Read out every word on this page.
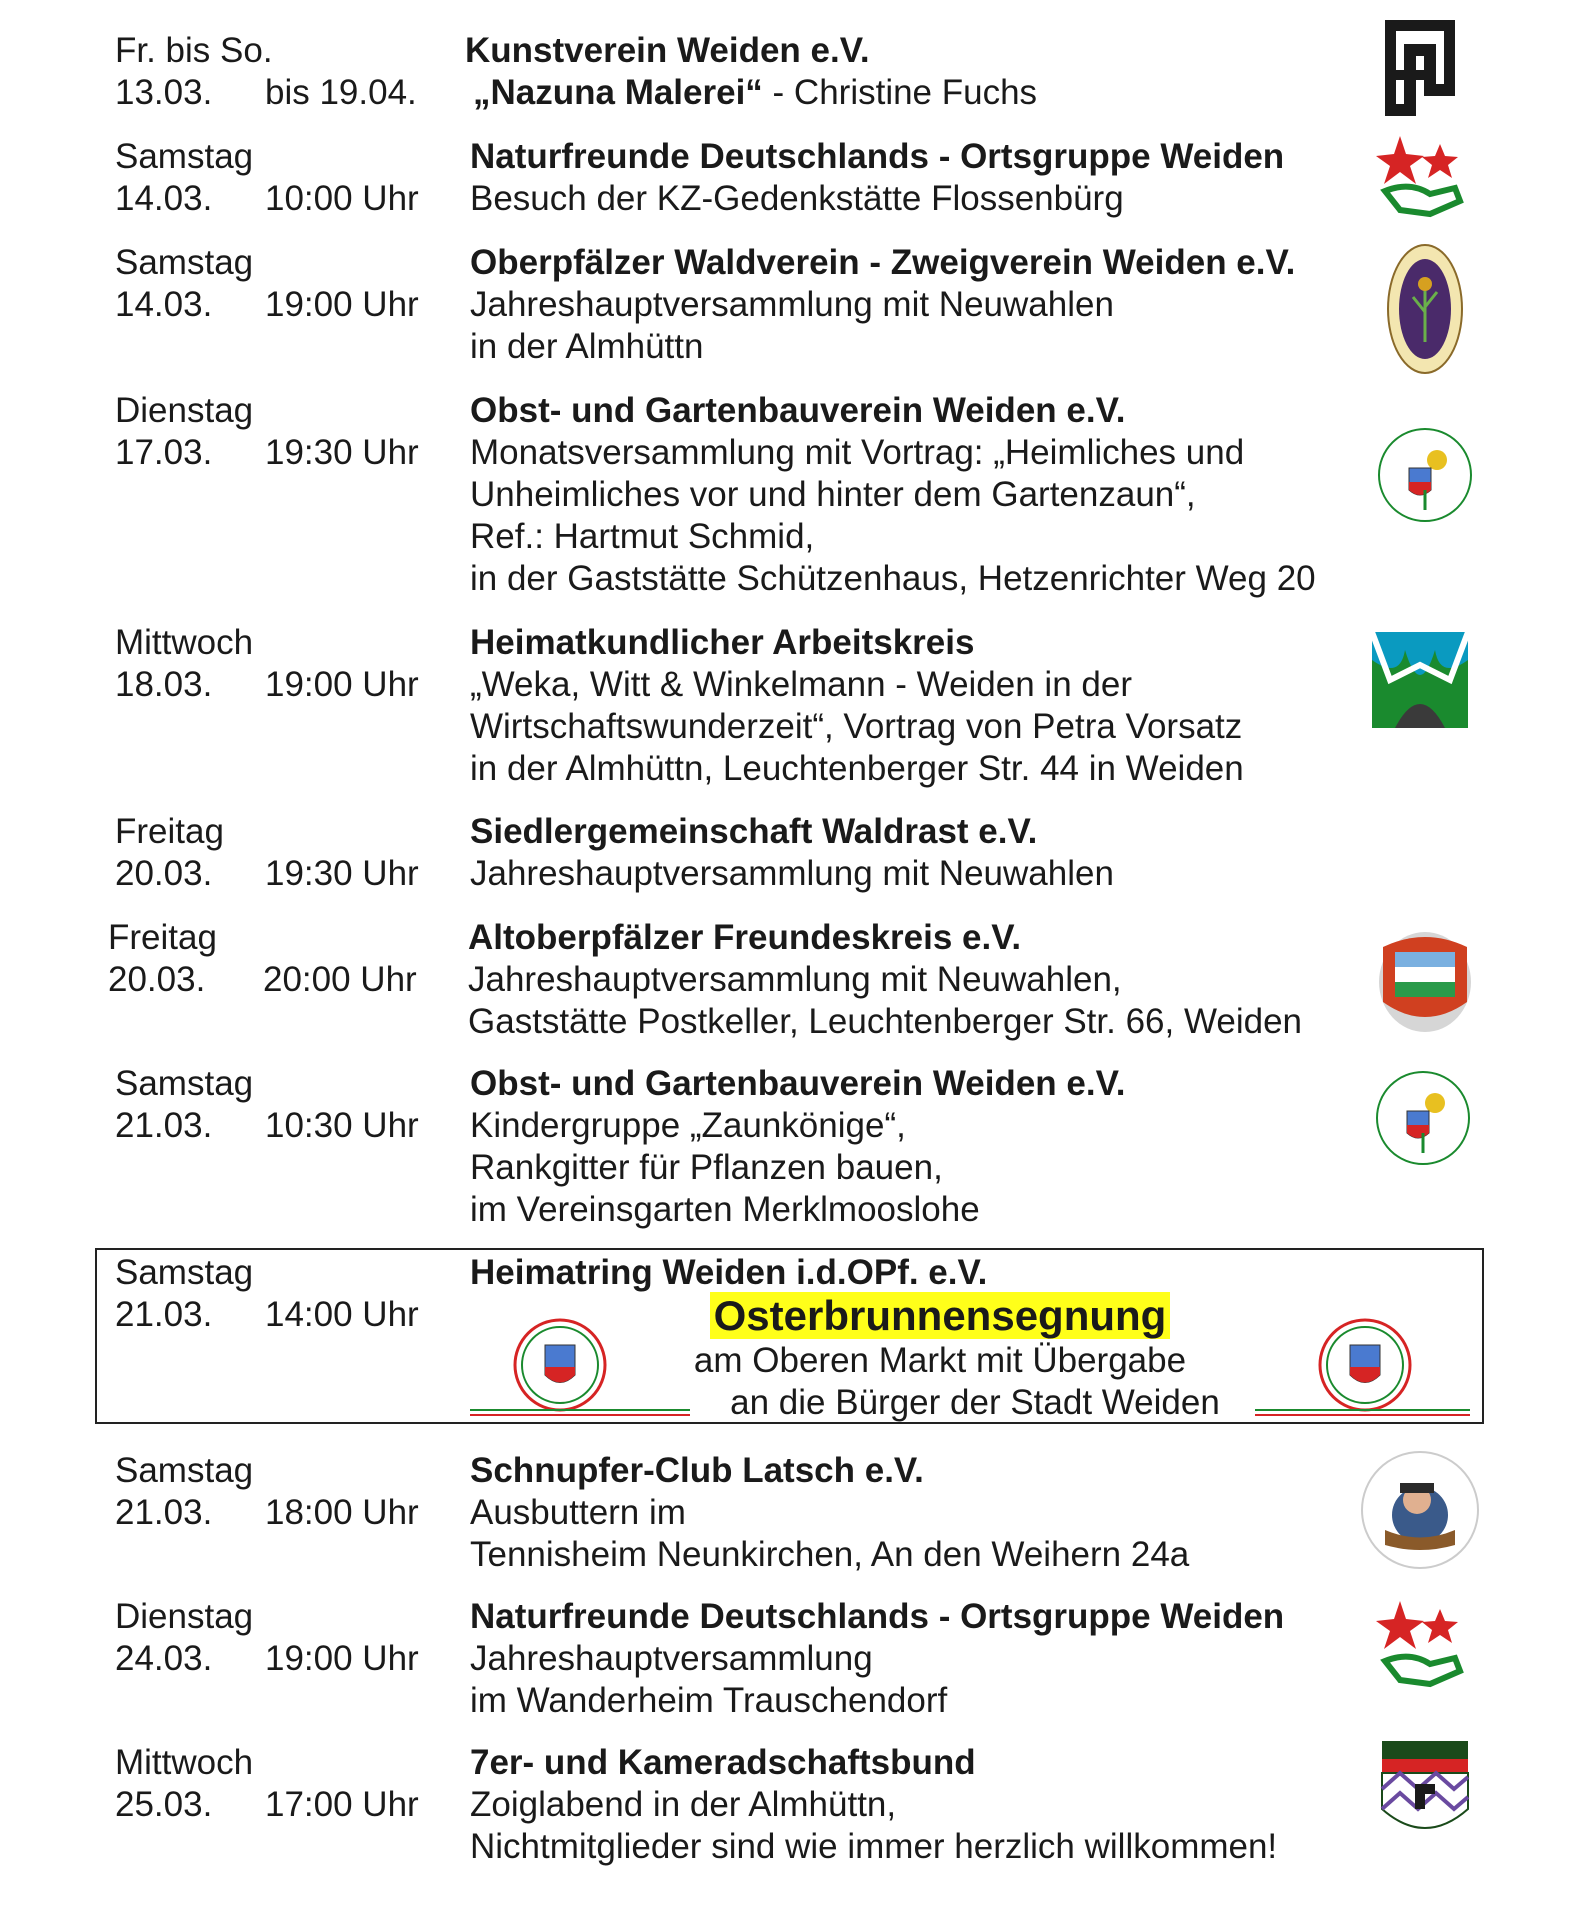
Fr. bis So.
13.03. bis 19.04.
Kunstverein Weiden e.V.
„Nazuna Malerei“ - Christine Fuchs
Samstag
14.03. 10:00 Uhr
Naturfreunde Deutschlands - Ortsgruppe Weiden
Besuch der KZ-Gedenkstätte Flossenbürg
Samstag
14.03. 19:00 Uhr
Oberpfälzer Waldverein - Zweigverein Weiden e.V.
Jahreshauptversammlung mit Neuwahlen
in der Almhüttn
Dienstag
17.03. 19:30 Uhr
Obst- und Gartenbauverein Weiden e.V.
Monatsversammlung mit Vortrag: „Heimliches und
Unheimliches vor und hinter dem Gartenzaun“,
Ref.: Hartmut Schmid,
in der Gaststätte Schützenhaus, Hetzenrichter Weg 20
Mittwoch
18.03. 19:00 Uhr
Heimatkundlicher Arbeitskreis
„Weka, Witt & Winkelmann - Weiden in der
Wirtschaftswunderzeit“, Vortrag von Petra Vorsatz
in der Almhüttn, Leuchtenberger Str. 44 in Weiden
Freitag
20.03. 19:30 Uhr
Siedlergemeinschaft Waldrast e.V.
Jahreshauptversammlung mit Neuwahlen
Freitag
20.03. 20:00 Uhr
Altoberpfälzer Freundeskreis e.V.
Jahreshauptversammlung mit Neuwahlen,
Gaststätte Postkeller, Leuchtenberger Str. 66, Weiden
Samstag
21.03. 10:30 Uhr
Obst- und Gartenbauverein Weiden e.V.
Kindergruppe „Zaunkönige“,
Rankgitter für Pflanzen bauen,
im Vereinsgarten Merklmooslohe
Samstag
21.03. 14:00 Uhr
Heimatring Weiden i.d.OPf. e.V.
Osterbrunnensegnung
am Oberen Markt mit Übergabe
an die Bürger der Stadt Weiden
Samstag
21.03. 18:00 Uhr
Schnupfer-Club Latsch e.V.
Ausbuttern im
Tennisheim Neunkirchen, An den Weihern 24a
Dienstag
24.03. 19:00 Uhr
Naturfreunde Deutschlands - Ortsgruppe Weiden
Jahreshauptversammlung
im Wanderheim Trauschendorf
Mittwoch
25.03. 17:00 Uhr
7er- und Kameradschaftsbund
Zoiglabend in der Almhüttn,
Nichtmitglieder sind wie immer herzlich willkommen!
